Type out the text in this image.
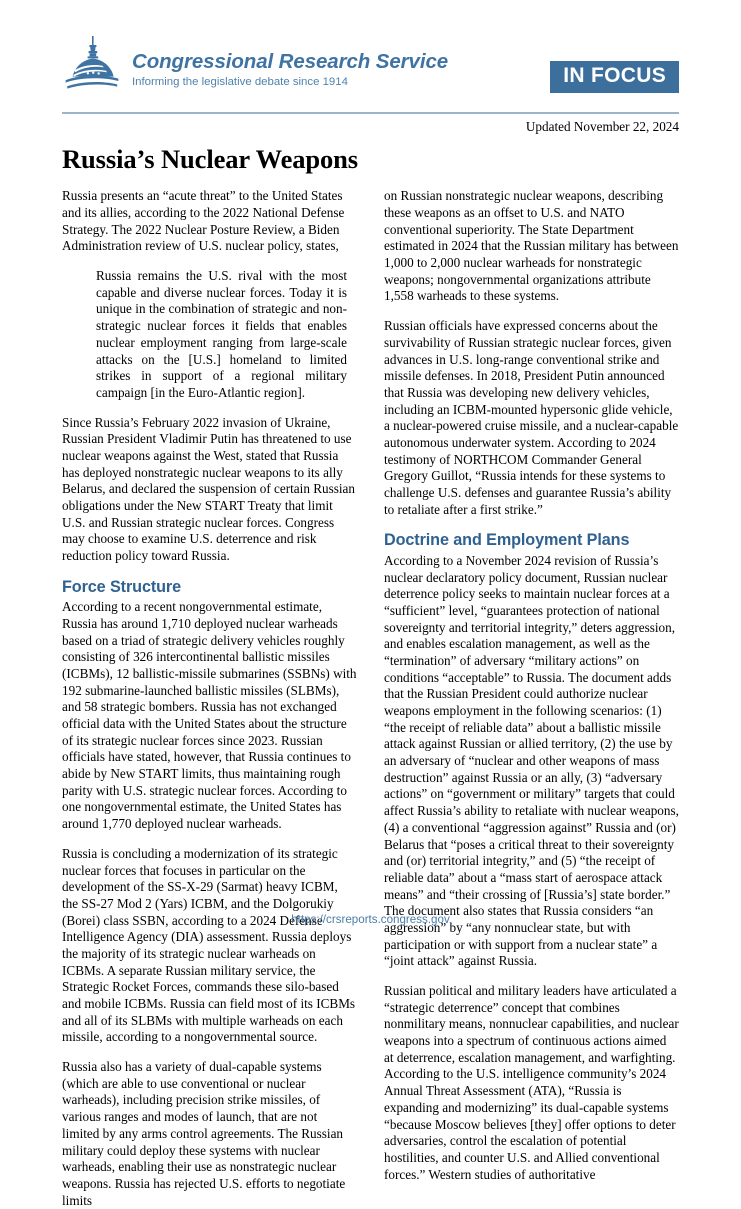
Congressional Research Service
Informing the legislative debate since 1914	IN FOCUS
Updated November 22, 2024
Russia’s Nuclear Weapons

Russia presents an “acute threat” to the United States and its allies, according to the 2022 National Defense Strategy. The 2022 Nuclear Posture Review, a Biden Administration review of U.S. nuclear policy, states,

Russia remains the U.S. rival with the most capable and diverse nuclear forces. Today it is unique in the combination of strategic and non-strategic nuclear forces it fields that enables nuclear employment ranging from large-scale attacks on the [U.S.] homeland to limited strikes in support of a regional military campaign [in the Euro-Atlantic region].

Since Russia’s February 2022 invasion of Ukraine, Russian President Vladimir Putin has threatened to use nuclear weapons against the West, stated that Russia has deployed nonstrategic nuclear weapons to its ally Belarus, and declared the suspension of certain Russian obligations under the New START Treaty that limit U.S. and Russian strategic nuclear forces. Congress may choose to examine U.S. deterrence and risk reduction policy toward Russia.

Force Structure

According to a recent nongovernmental estimate, Russia has around 1,710 deployed nuclear warheads based on a triad of strategic delivery vehicles roughly consisting of 326 intercontinental ballistic missiles (ICBMs), 12 ballistic-missile submarines (SSBNs) with 192 submarine-launched ballistic missiles (SLBMs), and 58 strategic bombers. Russia has not exchanged official data with the United States about the structure of its strategic nuclear forces since 2023. Russian officials have stated, however, that Russia continues to abide by New START limits, thus maintaining rough parity with U.S. strategic nuclear forces. According to one nongovernmental estimate, the United States has around 1,770 deployed nuclear warheads.

Russia is concluding a modernization of its strategic nuclear forces that focuses in particular on the development of the SS-X-29 (Sarmat) heavy ICBM, the SS-27 Mod 2 (Yars) ICBM, and the Dolgorukiy (Borei) class SSBN, according to a 2024 Defense Intelligence Agency (DIA) assessment. Russia deploys the majority of its strategic nuclear warheads on ICBMs. A separate Russian military service, the Strategic Rocket Forces, commands these silo-based and mobile ICBMs. Russia can field most of its ICBMs and all of its SLBMs with multiple warheads on each missile, according to a nongovernmental source.

Russia also has a variety of dual-capable systems (which are able to use conventional or nuclear warheads), including precision strike missiles, of various ranges and modes of launch, that are not limited by any arms control agreements. The Russian military could deploy these systems with nuclear warheads, enabling their use as nonstrategic nuclear weapons. Russia has rejected U.S. efforts to negotiate limits

on Russian nonstrategic nuclear weapons, describing these weapons as an offset to U.S. and NATO conventional superiority. The State Department estimated in 2024 that the Russian military has between 1,000 to 2,000 nuclear warheads for nonstrategic weapons; nongovernmental organizations attribute 1,558 warheads to these systems.

Russian officials have expressed concerns about the survivability of Russian strategic nuclear forces, given advances in U.S. long-range conventional strike and missile defenses. In 2018, President Putin announced that Russia was developing new delivery vehicles, including an ICBM-mounted hypersonic glide vehicle, a nuclear-powered cruise missile, and a nuclear-capable autonomous underwater system. According to 2024 testimony of NORTHCOM Commander General Gregory Guillot, “Russia intends for these systems to challenge U.S. defenses and guarantee Russia’s ability to retaliate after a first strike.”

Doctrine and Employment Plans

According to a November 2024 revision of Russia’s nuclear declaratory policy document, Russian nuclear deterrence policy seeks to maintain nuclear forces at a “sufficient” level, “guarantees protection of national sovereignty and territorial integrity,” deters aggression, and enables escalation management, as well as the “termination” of adversary “military actions” on conditions “acceptable” to Russia. The document adds that the Russian President could authorize nuclear weapons employment in the following scenarios: (1) “the receipt of reliable data” about a ballistic missile attack against Russian or allied territory, (2) the use by an adversary of “nuclear and other weapons of mass destruction” against Russia or an ally, (3) “adversary actions” on “government or military” targets that could affect Russia’s ability to retaliate with nuclear weapons, (4) a conventional “aggression against” Russia and (or) Belarus that “poses a critical threat to their sovereignty and (or) territorial integrity,” and (5) “the receipt of reliable data” about a “mass start of aerospace attack means” and “their crossing of [Russia’s] state border.” The document also states that Russia considers “an aggression” by “any nonnuclear state, but with participation or with support from a nuclear state” a “joint attack” against Russia.

Russian political and military leaders have articulated a “strategic deterrence” concept that combines nonmilitary means, nonnuclear capabilities, and nuclear weapons into a spectrum of continuous actions aimed at deterrence, escalation management, and warfighting. According to the U.S. intelligence community’s 2024 Annual Threat Assessment (ATA), “Russia is expanding and modernizing” its dual-capable systems “because Moscow believes [they] offer options to deter adversaries, control the escalation of potential hostilities, and counter U.S. and Allied conventional forces.” Western studies of authoritative

https://crsreports.congress.gov
